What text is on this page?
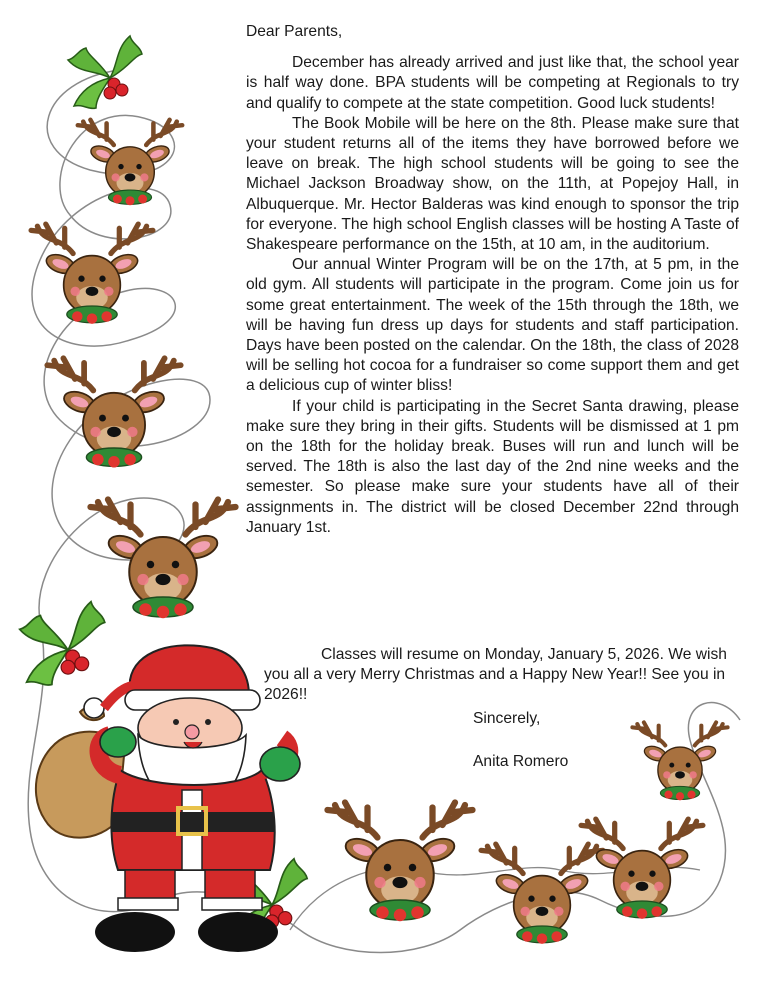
Dear Parents,

December has already arrived and just like that, the school year is half way done. BPA students will be competing at Regionals to try and qualify to compete at the state competition. Good luck students!

The Book Mobile will be here on the 8th. Please make sure that your student returns all of the items they have borrowed before we leave on break. The high school students will be going to see the Michael Jackson Broadway show, on the 11th, at Popejoy Hall, in Albuquerque. Mr. Hector Balderas was kind enough to sponsor the trip for everyone. The high school English classes will be hosting A Taste of Shakespeare performance on the 15th, at 10 am, in the auditorium.

Our annual Winter Program will be on the 17th, at 5 pm, in the old gym. All students will participate in the program. Come join us for some great entertainment. The week of the 15th through the 18th, we will be having fun dress up days for students and staff participation. Days have been posted on the calendar. On the 18th, the class of 2028 will be selling hot cocoa for a fundraiser so come support them and get a delicious cup of winter bliss!

If your child is participating in the Secret Santa drawing, please make sure they bring in their gifts. Students will be dismissed at 1 pm on the 18th for the holiday break. Buses will run and lunch will be served. The 18th is also the last day of the 2nd nine weeks and the semester. So please make sure your students have all of their assignments in. The district will be closed December 22nd through January 1st.

Classes will resume on Monday, January 5, 2026. We wish you all a very Merry Christmas and a Happy New Year!! See you in 2026!!

Sincerely,

Anita Romero
